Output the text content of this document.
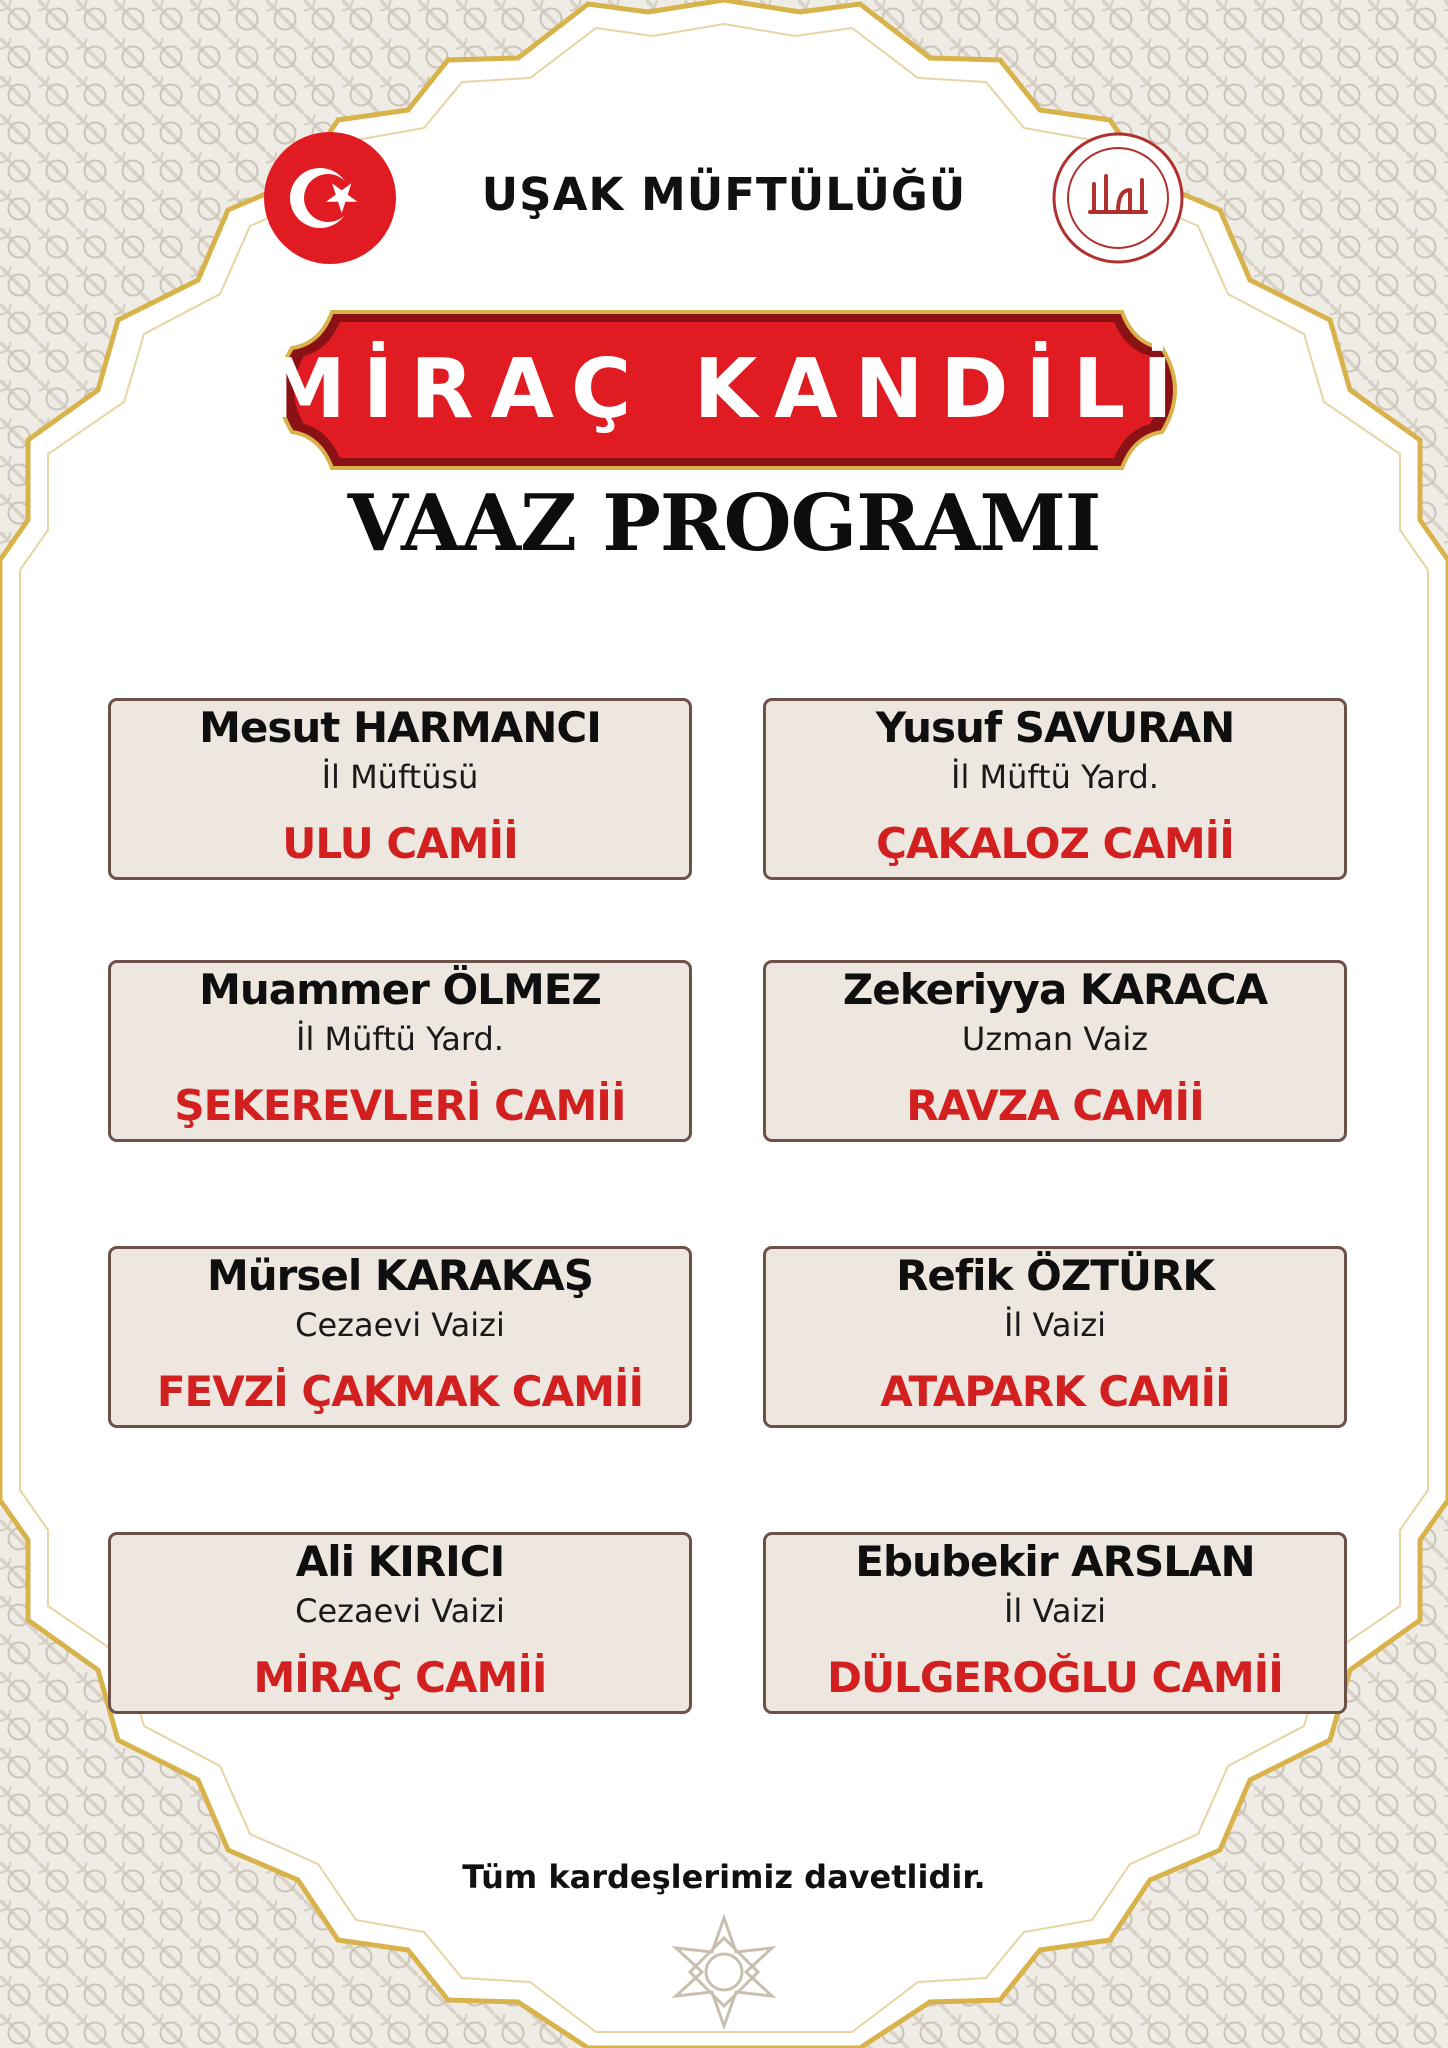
UŞAK MÜFTÜLÜĞÜ
MİRAÇ KANDİLİ
VAAZ PROGRAMI
Mesut HARMANCI
İl Müftüsü
ULU CAMİİ
Yusuf SAVURAN
İl Müftü Yard.
ÇAKALOZ CAMİİ
Muammer ÖLMEZ
İl Müftü Yard.
ŞEKEREVLERİ CAMİİ
Zekeriyya KARACA
Uzman Vaiz
RAVZA CAMİİ
Mürsel KARAKAŞ
Cezaevi Vaizi
FEVZİ ÇAKMAK CAMİİ
Refik ÖZTÜRK
İl Vaizi
ATAPARK CAMİİ
Ali KIRICI
Cezaevi Vaizi
MİRAÇ CAMİİ
Ebubekir ARSLAN
İl Vaizi
DÜLGEROĞLU CAMİİ
Tüm kardeşlerimiz davetlidir.
